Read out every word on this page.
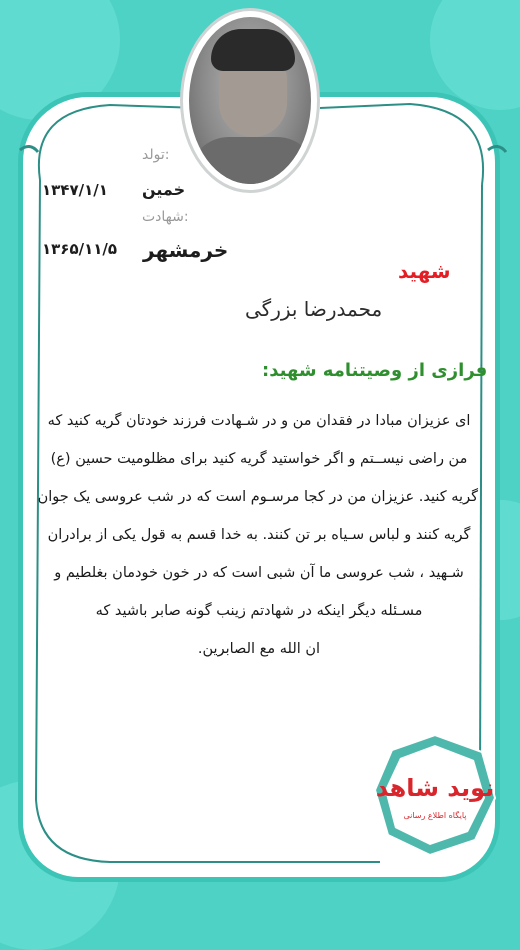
:تولد
خمین
۱۳۴۷/۱/۱
:شهادت
خرمشهر
۱۳۶۵/۱۱/۵
شهید
محمدرضا بزرگی
فرازی از وصیتنامه شهید:
ای عزیزان مبادا در فقدان من و در شـهادت فرزند خودتان گریه کنید که
من راضی نیســتم و اگر خواستید گریه کنید برای مظلومیت حسین (ع)
گریه کنید. عزیزان من در کجا مرسـوم است که در شب عروسی یک جوان
گریه کنند و لباس سـیاه بر تن کنند. به خدا قسم به قول یکی از برادران
شـهید ، شب عروسی ما آن شبی است که در خون خودمان بغلطیم و
مسـئله دیگر اینکه در شهادتم زینب گونه صابر باشید که
ان الله مع الصابرین.
نوید شاهد
پایگاه اطلاع رسانی
